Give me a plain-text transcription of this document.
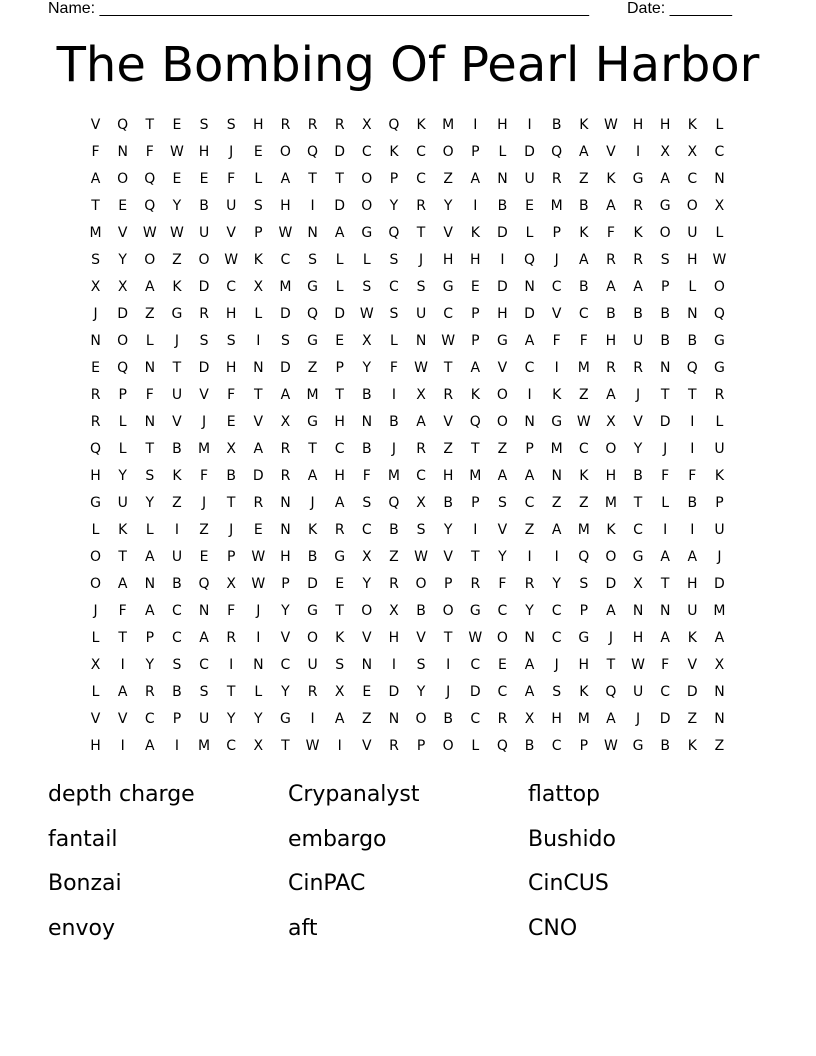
Name: _______________________________________________________ Date: _______
The Bombing Of Pearl Harbor
V	Q	T	E	S	S	H	R	R	R	X	Q	K	M	I	H	I	B	K	W	H	H	K	L
F	N	F	W	H	J	E	O	Q	D	C	K	C	O	P	L	D	Q	A	V	I	X	X	C
A	O	Q	E	E	F	L	A	T	T	O	P	C	Z	A	N	U	R	Z	K	G	A	C	N
T	E	Q	Y	B	U	S	H	I	D	O	Y	R	Y	I	B	E	M	B	A	R	G	O	X
M	V	W W	U	V	P	W	N	A	G	Q	T	V	K	D	L	P	K	F	K	O	U	L
S	Y	O	Z	O	W	K	C	S	L	L	S	J	H	H	I	Q	J	A	R	R	S	H	W
X	X	A	K	D	C	X	M	G	L	S	C	S	G	E	D	N	C	B	A	A	P	L	O
J	D	Z	G	R	H	L	D	Q	D	W	S	U	C	P	H	D	V	C	B	B	B	N	Q
N	O	L	J	S	S	I	S	G	E	X	L	N	W	P	G	A	F	F	H	U	B	B	G
E	Q	N	T	D	H	N	D	Z	P	Y	F	W	T	A	V	C	I	M	R	R	N	Q	G
R	P	F	U	V	F	T	A	M	T	B	I	X	R	K	O	I	K	Z	A	J	T	T	R
R	L	N	V	J	E	V	X	G	H	N	B	A	V	Q	O	N	G	W	X	V	D	I	L
Q	L	T	B	M	X	A	R	T	C	B	J	R	Z	T	Z	P	M	C	O	Y	J	I	U
H	Y	S	K	F	B	D	R	A	H	F	M	C	H	M	A	A	N	K	H	B	F	F	K
G	U	Y	Z	J	T	R	N	J	A	S	Q	X	B	P	S	C	Z	Z	M	T	L	B	P
L	K	L	I	Z	J	E	N	K	R	C	B	S	Y	I	V	Z	A	M	K	C	I	I	U
O	T	A	U	E	P	W	H	B	G	X	Z	W	V	T	Y	I	I	Q	O	G	A	A	J
O	A	N	B	Q	X	W	P	D	E	Y	R	O	P	R	F	R	Y	S	D	X	T	H	D
J	F	A	C	N	F	J	Y	G	T	O	X	B	O	G	C	Y	C	P	A	N	N	U	M
L	T	P	C	A	R	I	V	O	K	V	H	V	T	W	O	N	C	G	J	H	A	K	A
X	I	Y	S	C	I	N	C	U	S	N	I	S	I	C	E	A	J	H	T	W	F	V	X
L	A	R	B	S	T	L	Y	R	X	E	D	Y	J	D	C	A	S	K	Q	U	C	D	N
V	V	C	P	U	Y	Y	G	I	A	Z	N	O	B	C	R	X	H	M	A	J	D	Z	N
H	I	A	I	M	C	X	T	W	I	V	R	P	O	L	Q	B	C	P	W	G	B	K	Z
depth charge	Crypanalyst	flattop
fantail	embargo	Bushido
Bonzai	CinPAC	CinCUS
envoy	aft	CNO
